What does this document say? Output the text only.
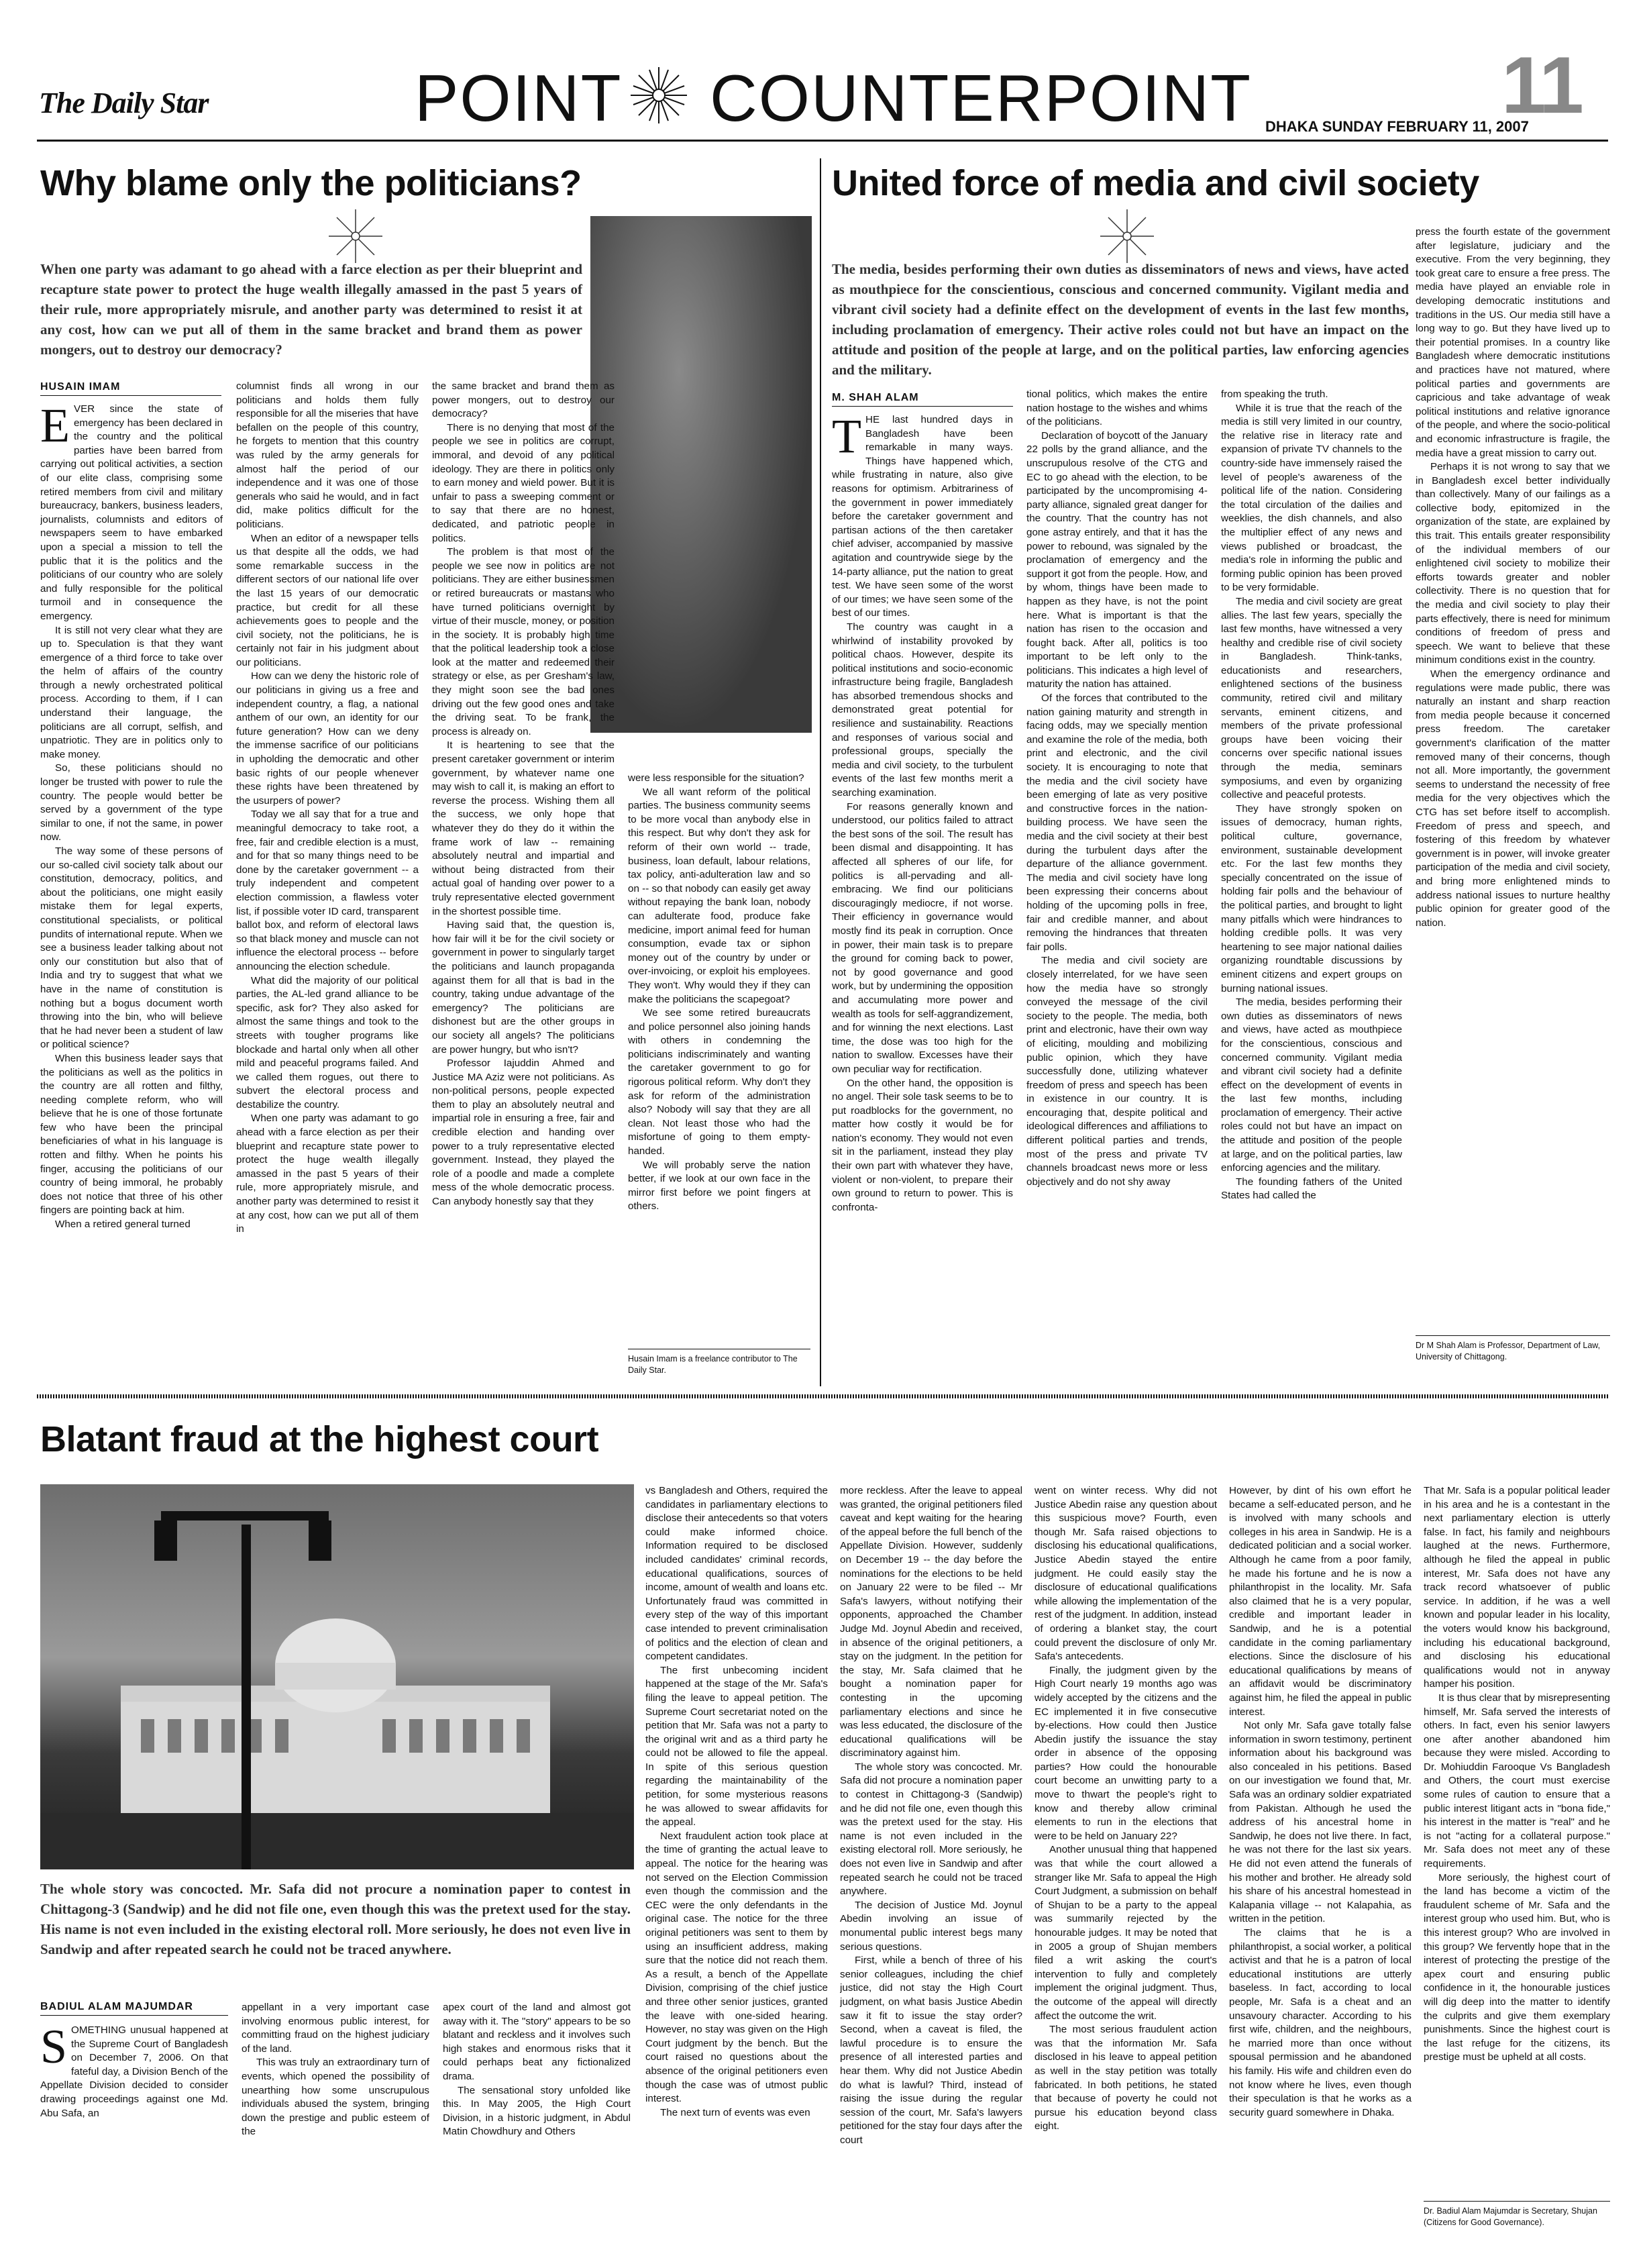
The Daily Star	POINT COUNTERPOINT	11
DHAKA SUNDAY FEBRUARY 11, 2007
Why blame only the politicians?
When one party was adamant to go ahead with a farce election as per their blueprint and recapture state power to protect the huge wealth illegally amassed in the past 5 years of their rule, more appropriately misrule, and another party was determined to resist it at any cost, how can we put all of them in the same bracket and brand them as power mongers, out to destroy our democracy?
HUSAIN IMAM

EVER since the state of emergency has been declared in the country and the political parties have been barred from carrying out political activities, a section of our elite class, comprising some retired members from civil and military bureaucracy, bankers, business leaders, journalists, columnists and editors of newspapers seem to have embarked upon a special a mission to tell the public that it is the politics and the politicians of our country who are solely and fully responsible for the political turmoil and in consequence the emergency.

It is still not very clear what they are up to. Speculation is that they want emergence of a third force to take over the helm of affairs of the country through a newly orchestrated political process. According to them, if I can understand their language, the politicians are all corrupt, selfish, and unpatriotic. They are in politics only to make money.

So, these politicians should no longer be trusted with power to rule the country. The people would better be served by a government of the type similar to one, if not the same, in power now.

The way some of these persons of our so-called civil society talk about our constitution, democracy, politics, and about the politicians, one might easily mistake them for legal experts, constitutional specialists, or political pundits of international repute. When we see a business leader talking about not only our constitution but also that of India and try to suggest that what we have in the name of constitution is nothing but a bogus document worth throwing into the bin, who will believe that he had never been a student of law or political science?

When this business leader says that the politicians as well as the politics in the country are all rotten and filthy, needing complete reform, who will believe that he is one of those fortunate few who have been the principal beneficiaries of what in his language is rotten and filthy. When he points his finger, accusing the politicians of our country of being immoral, he probably does not notice that three of his other fingers are pointing back at him.

When a retired general turned

columnist finds all wrong in our politicians and holds them fully responsible for all the miseries that have befallen on the people of this country, he forgets to mention that this country was ruled by the army generals for almost half the period of our independence and it was one of those generals who said he would, and in fact did, make politics difficult for the politicians.

When an editor of a newspaper tells us that despite all the odds, we had some remarkable success in the different sectors of our national life over the last 15 years of our democratic practice, but credit for all these achievements goes to people and the civil society, not the politicians, he is certainly not fair in his judgment about our politicians.

How can we deny the historic role of our politicians in giving us a free and independent country, a flag, a national anthem of our own, an identity for our future generation? How can we deny the immense sacrifice of our politicians in upholding the democratic and other basic rights of our people whenever these rights have been threatened by the usurpers of power?

Today we all say that for a true and meaningful democracy to take root, a free, fair and credible election is a must, and for that so many things need to be done by the caretaker government -- a truly independent and competent election commission, a flawless voter list, if possible voter ID card, transparent ballot box, and reform of electoral laws so that black money and muscle can not influence the electoral process -- before announcing the election schedule.

What did the majority of our political parties, the AL-led grand alliance to be specific, ask for? They also asked for almost the same things and took to the streets with tougher programs like blockade and hartal only when all other mild and peaceful programs failed. And we called them rogues, out there to subvert the electoral process and destabilize the country.

When one party was adamant to go ahead with a farce election as per their blueprint and recapture state power to protect the huge wealth illegally amassed in the past 5 years of their rule, more appropriately misrule, and another party was determined to resist it at any cost, how can we put all of them in

the same bracket and brand them as power mongers, out to destroy our democracy?

There is no denying that most of the people we see in politics are corrupt, immoral, and devoid of any political ideology. They are there in politics only to earn money and wield power. But it is unfair to pass a sweeping comment or to say that there are no honest, dedicated, and patriotic people in politics.

The problem is that most of the people we see now in politics are not politicians. They are either businessmen or retired bureaucrats or mastans who have turned politicians overnight by virtue of their muscle, money, or position in the society. It is probably high time that the political leadership took a close look at the matter and redeemed their strategy or else, as per Gresham's law, they might soon see the bad ones driving out the few good ones and take the driving seat. To be frank, the process is already on.

It is heartening to see that the present caretaker government or interim government, by whatever name one may wish to call it, is making an effort to reverse the process. Wishing them all the success, we only hope that whatever they do they do it within the frame work of law -- remaining absolutely neutral and impartial and without being distracted from their actual goal of handing over power to a truly representative elected government in the shortest possible time.

Having said that, the question is, how fair will it be for the civil society or government in power to singularly target the politicians and launch propaganda against them for all that is bad in the country, taking undue advantage of the emergency? The politicians are dishonest but are the other groups in our society all angels? The politicians are power hungry, but who isn't?

Professor Iajuddin Ahmed and Justice MA Aziz were not politicians. As non-political persons, people expected them to play an absolutely neutral and impartial role in ensuring a free, fair and credible election and handing over power to a truly representative elected government. Instead, they played the role of a poodle and made a complete mess of the whole democratic process. Can anybody honestly say that they

were less responsible for the situation?

We all want reform of the political parties. The business community seems to be more vocal than anybody else in this respect. But why don't they ask for reform of their own world -- trade, business, loan default, labour relations, tax policy, anti-adulteration law and so on -- so that nobody can easily get away without repaying the bank loan, nobody can adulterate food, produce fake medicine, import animal feed for human consumption, evade tax or siphon money out of the country by under or over-invoicing, or exploit his employees. They won't. Why would they if they can make the politicians the scapegoat?

We see some retired bureaucrats and police personnel also joining hands with others in condemning the politicians indiscriminately and wanting the caretaker government to go for rigorous political reform. Why don't they ask for reform of the administration also? Nobody will say that they are all clean. Not least those who had the misfortune of going to them empty-handed.

We will probably serve the nation better, if we look at our own face in the mirror first before we point fingers at others.

Husain Imam is a freelance contributor to The Daily Star.
United force of media and civil society
The media, besides performing their own duties as disseminators of news and views, have acted as mouthpiece for the conscientious, conscious and concerned community. Vigilant media and vibrant civil society had a definite effect on the development of events in the last few months, including proclamation of emergency. Their active roles could not but have an impact on the attitude and position of the people at large, and on the political parties, law enforcing agencies and the military.
M. SHAH ALAM

THE last hundred days in Bangladesh have been remarkable in many ways. Things have happened which, while frustrating in nature, also give reasons for optimism. Arbitrariness of the government in power immediately before the caretaker government and partisan actions of the then caretaker chief adviser, accompanied by massive agitation and countrywide siege by the 14-party alliance, put the nation to great test. We have seen some of the worst of our times; we have seen some of the best of our times.

The country was caught in a whirlwind of instability provoked by political chaos. However, despite its political institutions and socio-economic infrastructure being fragile, Bangladesh has absorbed tremendous shocks and demonstrated great potential for resilience and sustainability. Reactions and responses of various social and professional groups, specially the media and civil society, to the turbulent events of the last few months merit a searching examination.

For reasons generally known and understood, our politics failed to attract the best sons of the soil. The result has been dismal and disappointing. It has affected all spheres of our life, for politics is all-pervading and all-embracing. We find our politicians discouragingly mediocre, if not worse. Their efficiency in governance would mostly find its peak in corruption. Once in power, their main task is to prepare the ground for coming back to power, not by good governance and good work, but by undermining the opposition and accumulating more power and wealth as tools for self-aggrandizement, and for winning the next elections. Last time, the dose was too high for the nation to swallow. Excesses have their own peculiar way for rectification.

On the other hand, the opposition is no angel. Their sole task seems to be to put roadblocks for the government, no matter how costly it would be for nation's economy. They would not even sit in the parliament, instead they play their own part with whatever they have, violent or non-violent, to prepare their own ground to return to power. This is confronta-

tional politics, which makes the entire nation hostage to the wishes and whims of the politicians.

Declaration of boycott of the January 22 polls by the grand alliance, and the unscrupulous resolve of the CTG and EC to go ahead with the election, to be participated by the uncompromising 4-party alliance, signaled great danger for the country. That the country has not gone astray entirely, and that it has the power to rebound, was signaled by the proclamation of emergency and the support it got from the people. How, and by whom, things have been made to happen as they have, is not the point here. What is important is that the nation has risen to the occasion and fought back. After all, politics is too important to be left only to the politicians. This indicates a high level of maturity the nation has attained.

Of the forces that contributed to the nation gaining maturity and strength in facing odds, may we specially mention and examine the role of the media, both print and electronic, and the civil society. It is encouraging to note that the media and the civil society have been emerging of late as very positive and constructive forces in the nation-building process. We have seen the media and the civil society at their best during the turbulent days after the departure of the alliance government. The media and civil society have long been expressing their concerns about holding of the upcoming polls in free, fair and credible manner, and about removing the hindrances that threaten fair polls.

The media and civil society are closely interrelated, for we have seen how the media have so strongly conveyed the message of the civil society to the people. The media, both print and electronic, have their own way of eliciting, moulding and mobilizing public opinion, which they have successfully done, utilizing whatever freedom of press and speech has been in existence in our country. It is encouraging that, despite political and ideological differences and affiliations to different political parties and trends, most of the press and private TV channels broadcast news more or less objectively and do not shy away

from speaking the truth.

While it is true that the reach of the media is still very limited in our country, the relative rise in literacy rate and expansion of private TV channels to the country-side have immensely raised the level of people's awareness of the political life of the nation. Considering the total circulation of the dailies and weeklies, the dish channels, and also the multiplier effect of any news and views published or broadcast, the media's role in informing the public and forming public opinion has been proved to be very formidable.

The media and civil society are great allies. The last few years, specially the last few months, have witnessed a very healthy and credible rise of civil society in Bangladesh. Think-tanks, educationists and researchers, enlightened sections of the business community, retired civil and military servants, eminent citizens, and members of the private professional groups have been voicing their concerns over specific national issues through the media, seminars symposiums, and even by organizing collective and peaceful protests.

They have strongly spoken on issues of democracy, human rights, political culture, governance, environment, sustainable development etc. For the last few months they specially concentrated on the issue of holding fair polls and the behaviour of the political parties, and brought to light many pitfalls which were hindrances to holding credible polls. It was very heartening to see major national dailies organizing roundtable discussions by eminent citizens and expert groups on burning national issues.

The media, besides performing their own duties as disseminators of news and views, have acted as mouthpiece for the conscientious, conscious and concerned community. Vigilant media and vibrant civil society had a definite effect on the development of events in the last few months, including proclamation of emergency. Their active roles could not but have an impact on the attitude and position of the people at large, and on the political parties, law enforcing agencies and the military.

The founding fathers of the United States had called the

press the fourth estate of the government after legislature, judiciary and the executive. From the very beginning, they took great care to ensure a free press. The media have played an enviable role in developing democratic institutions and traditions in the US. Our media still have a long way to go. But they have lived up to their potential promises. In a country like Bangladesh where democratic institutions and practices have not matured, where political parties and governments are capricious and take advantage of weak political institutions and relative ignorance of the people, and where the socio-political and economic infrastructure is fragile, the media have a great mission to carry out.

Perhaps it is not wrong to say that we in Bangladesh excel better individually than collectively. Many of our failings as a collective body, epitomized in the organization of the state, are explained by this trait. This entails greater responsibility of the individual members of our enlightened civil society to mobilize their efforts towards greater and nobler collectivity. There is no question that for the media and civil society to play their parts effectively, there is need for minimum conditions of freedom of press and speech. We want to believe that these minimum conditions exist in the country.

When the emergency ordinance and regulations were made public, there was naturally an instant and sharp reaction from media people because it concerned press freedom. The caretaker government's clarification of the matter removed many of their concerns, though not all. More importantly, the government seems to understand the necessity of free media for the very objectives which the CTG has set before itself to accomplish. Freedom of press and speech, and fostering of this freedom by whatever government is in power, will invoke greater participation of the media and civil society, and bring more enlightened minds to address national issues to nurture healthy public opinion for greater good of the nation.

Dr M Shah Alam is Professor, Department of Law, University of Chittagong.
Blatant fraud at the highest court
The whole story was concocted. Mr. Safa did not procure a nomination paper to contest in Chittagong-3 (Sandwip) and he did not file one, even though this was the pretext used for the stay. His name is not even included in the existing electoral roll. More seriously, he does not even live in Sandwip and after repeated search he could not be traced anywhere.
BADIUL ALAM MAJUMDAR

SOMETHING unusual happened at the Supreme Court of Bangladesh on December 7, 2006. On that fateful day, a Division Bench of the Appellate Division decided to consider drawing proceedings against one Md. Abu Safa, an

appellant in a very important case involving enormous public interest, for committing fraud on the highest judiciary of the land.

This was truly an extraordinary turn of events, which opened the possibility of unearthing how some unscrupulous individuals abused the system, bringing down the prestige and public esteem of the

apex court of the land and almost got away with it. The "story" appears to be so blatant and reckless and it involves such high stakes and enormous risks that it could perhaps beat any fictionalized drama.

The sensational story unfolded like this. In May 2005, the High Court Division, in a historic judgment, in Abdul Matin Chowdhury and Others

vs Bangladesh and Others, required the candidates in parliamentary elections to disclose their antecedents so that voters could make informed choice. Information required to be disclosed included candidates' criminal records, educational qualifications, sources of income, amount of wealth and loans etc. Unfortunately fraud was committed in every step of the way of this important case intended to prevent criminalisation of politics and the election of clean and competent candidates.

The first unbecoming incident happened at the stage of the Mr. Safa's filing the leave to appeal petition. The Supreme Court secretariat noted on the petition that Mr. Safa was not a party to the original writ and as a third party he could not be allowed to file the appeal. In spite of this serious question regarding the maintainability of the petition, for some mysterious reasons he was allowed to swear affidavits for the appeal.

Next fraudulent action took place at the time of granting the actual leave to appeal. The notice for the hearing was not served on the Election Commission even though the commission and the CEC were the only defendants in the original case. The notice for the three original petitioners was sent to them by using an insufficient address, making sure that the notice did not reach them. As a result, a bench of the Appellate Division, comprising of the chief justice and three other senior justices, granted the leave with one-sided hearing. However, no stay was given on the High Court judgment by the bench. But the court raised no questions about the absence of the original petitioners even though the case was of utmost public interest.

The next turn of events was even

more reckless. After the leave to appeal was granted, the original petitioners filed caveat and kept waiting for the hearing of the appeal before the full bench of the Appellate Division. However, suddenly on December 19 -- the day before the nominations for the elections to be held on January 22 were to be filed -- Mr Safa's lawyers, without notifying their opponents, approached the Chamber Judge Md. Joynul Abedin and received, in absence of the original petitioners, a stay on the judgment. In the petition for the stay, Mr. Safa claimed that he bought a nomination paper for contesting in the upcoming parliamentary elections and since he was less educated, the disclosure of the educational qualifications will be discriminatory against him.

The whole story was concocted. Mr. Safa did not procure a nomination paper to contest in Chittagong-3 (Sandwip) and he did not file one, even though this was the pretext used for the stay. His name is not even included in the existing electoral roll. More seriously, he does not even live in Sandwip and after repeated search he could not be traced anywhere.

The decision of Justice Md. Joynul Abedin involving an issue of monumental public interest begs many serious questions.

First, while a bench of three of his senior colleagues, including the chief justice, did not stay the High Court judgment, on what basis Justice Abedin saw it fit to issue the stay order? Second, when a caveat is filed, the lawful procedure is to ensure the presence of all interested parties and hear them. Why did not Justice Abedin do what is lawful? Third, instead of raising the issue during the regular session of the court, Mr. Safa's lawyers petitioned for the stay four days after the court

went on winter recess. Why did not Justice Abedin raise any question about this suspicious move? Fourth, even though Mr. Safa raised objections to disclosing his educational qualifications, Justice Abedin stayed the entire judgment. He could easily stay the disclosure of educational qualifications while allowing the implementation of the rest of the judgment. In addition, instead of ordering a blanket stay, the court could prevent the disclosure of only Mr. Safa's antecedents.

Finally, the judgment given by the High Court nearly 19 months ago was widely accepted by the citizens and the EC implemented it in five consecutive by-elections. How could then Justice Abedin justify the issuance the stay order in absence of the opposing parties? How could the honourable court become an unwitting party to a move to thwart the people's right to know and thereby allow criminal elements to run in the elections that were to be held on January 22?

Another unusual thing that happened was that while the court allowed a stranger like Mr. Safa to appeal the High Court Judgment, a submission on behalf of Shujan to be a party to the appeal was summarily rejected by the honourable judges. It may be noted that in 2005 a group of Shujan members filed a writ asking the court's intervention to fully and completely implement the original judgment. Thus, the outcome of the appeal will directly affect the outcome the writ.

The most serious fraudulent action was that the information Mr. Safa disclosed in his leave to appeal petition as well in the stay petition was totally fabricated. In both petitions, he stated that because of poverty he could not pursue his education beyond class eight.

However, by dint of his own effort he became a self-educated person, and he is involved with many schools and colleges in his area in Sandwip. He is a dedicated politician and a social worker. Although he came from a poor family, he made his fortune and he is now a philanthropist in the locality. Mr. Safa also claimed that he is a very popular, credible and important leader in Sandwip, and he is a potential candidate in the coming parliamentary elections. Since the disclosure of his educational qualifications by means of an affidavit would be discriminatory against him, he filed the appeal in public interest.

Not only Mr. Safa gave totally false information in sworn testimony, pertinent information about his background was also concealed in his petitions. Based on our investigation we found that, Mr. Safa was an ordinary soldier expatriated from Pakistan. Although he used the address of his ancestral home in Sandwip, he does not live there. In fact, he was not there for the last six years. He did not even attend the funerals of his mother and brother. He already sold his share of his ancestral homestead in Kalapania village -- not Kalapahia, as written in the petition.

The claims that he is a philanthropist, a social worker, a political activist and that he is a patron of local educational institutions are utterly baseless. In fact, according to local people, Mr. Safa is a cheat and an unsavoury character. According to his first wife, children, and the neighbours, he married more than once without spousal permission and he abandoned his family. His wife and children even do not know where he lives, even though their speculation is that he works as a security guard somewhere in Dhaka.

That Mr. Safa is a popular political leader in his area and he is a contestant in the next parliamentary election is utterly false. In fact, his family and neighbours laughed at the news. Furthermore, although he filed the appeal in public interest, Mr. Safa does not have any track record whatsoever of public service. In addition, if he was a well known and popular leader in his locality, the voters would know his background, including his educational background, and disclosing his educational qualifications would not in anyway hamper his position.

It is thus clear that by misrepresenting himself, Mr. Safa served the interests of others. In fact, even his senior lawyers one after another abandoned him because they were misled. According to Dr. Mohiuddin Farooque Vs Bangladesh and Others, the court must exercise some rules of caution to ensure that a public interest litigant acts in "bona fide," his interest in the matter is "real" and he is not "acting for a collateral purpose." Mr. Safa does not meet any of these requirements.

More seriously, the highest court of the land has become a victim of the fraudulent scheme of Mr. Safa and the interest group who used him. But, who is this interest group? Who are involved in this group? We fervently hope that in the interest of protecting the prestige of the apex court and ensuring public confidence in it, the honourable justices will dig deep into the matter to identify the culprits and give them exemplary punishments. Since the highest court is the last refuge for the citizens, its prestige must be upheld at all costs.

Dr. Badiul Alam Majumdar is Secretary, Shujan (Citizens for Good Governance).
